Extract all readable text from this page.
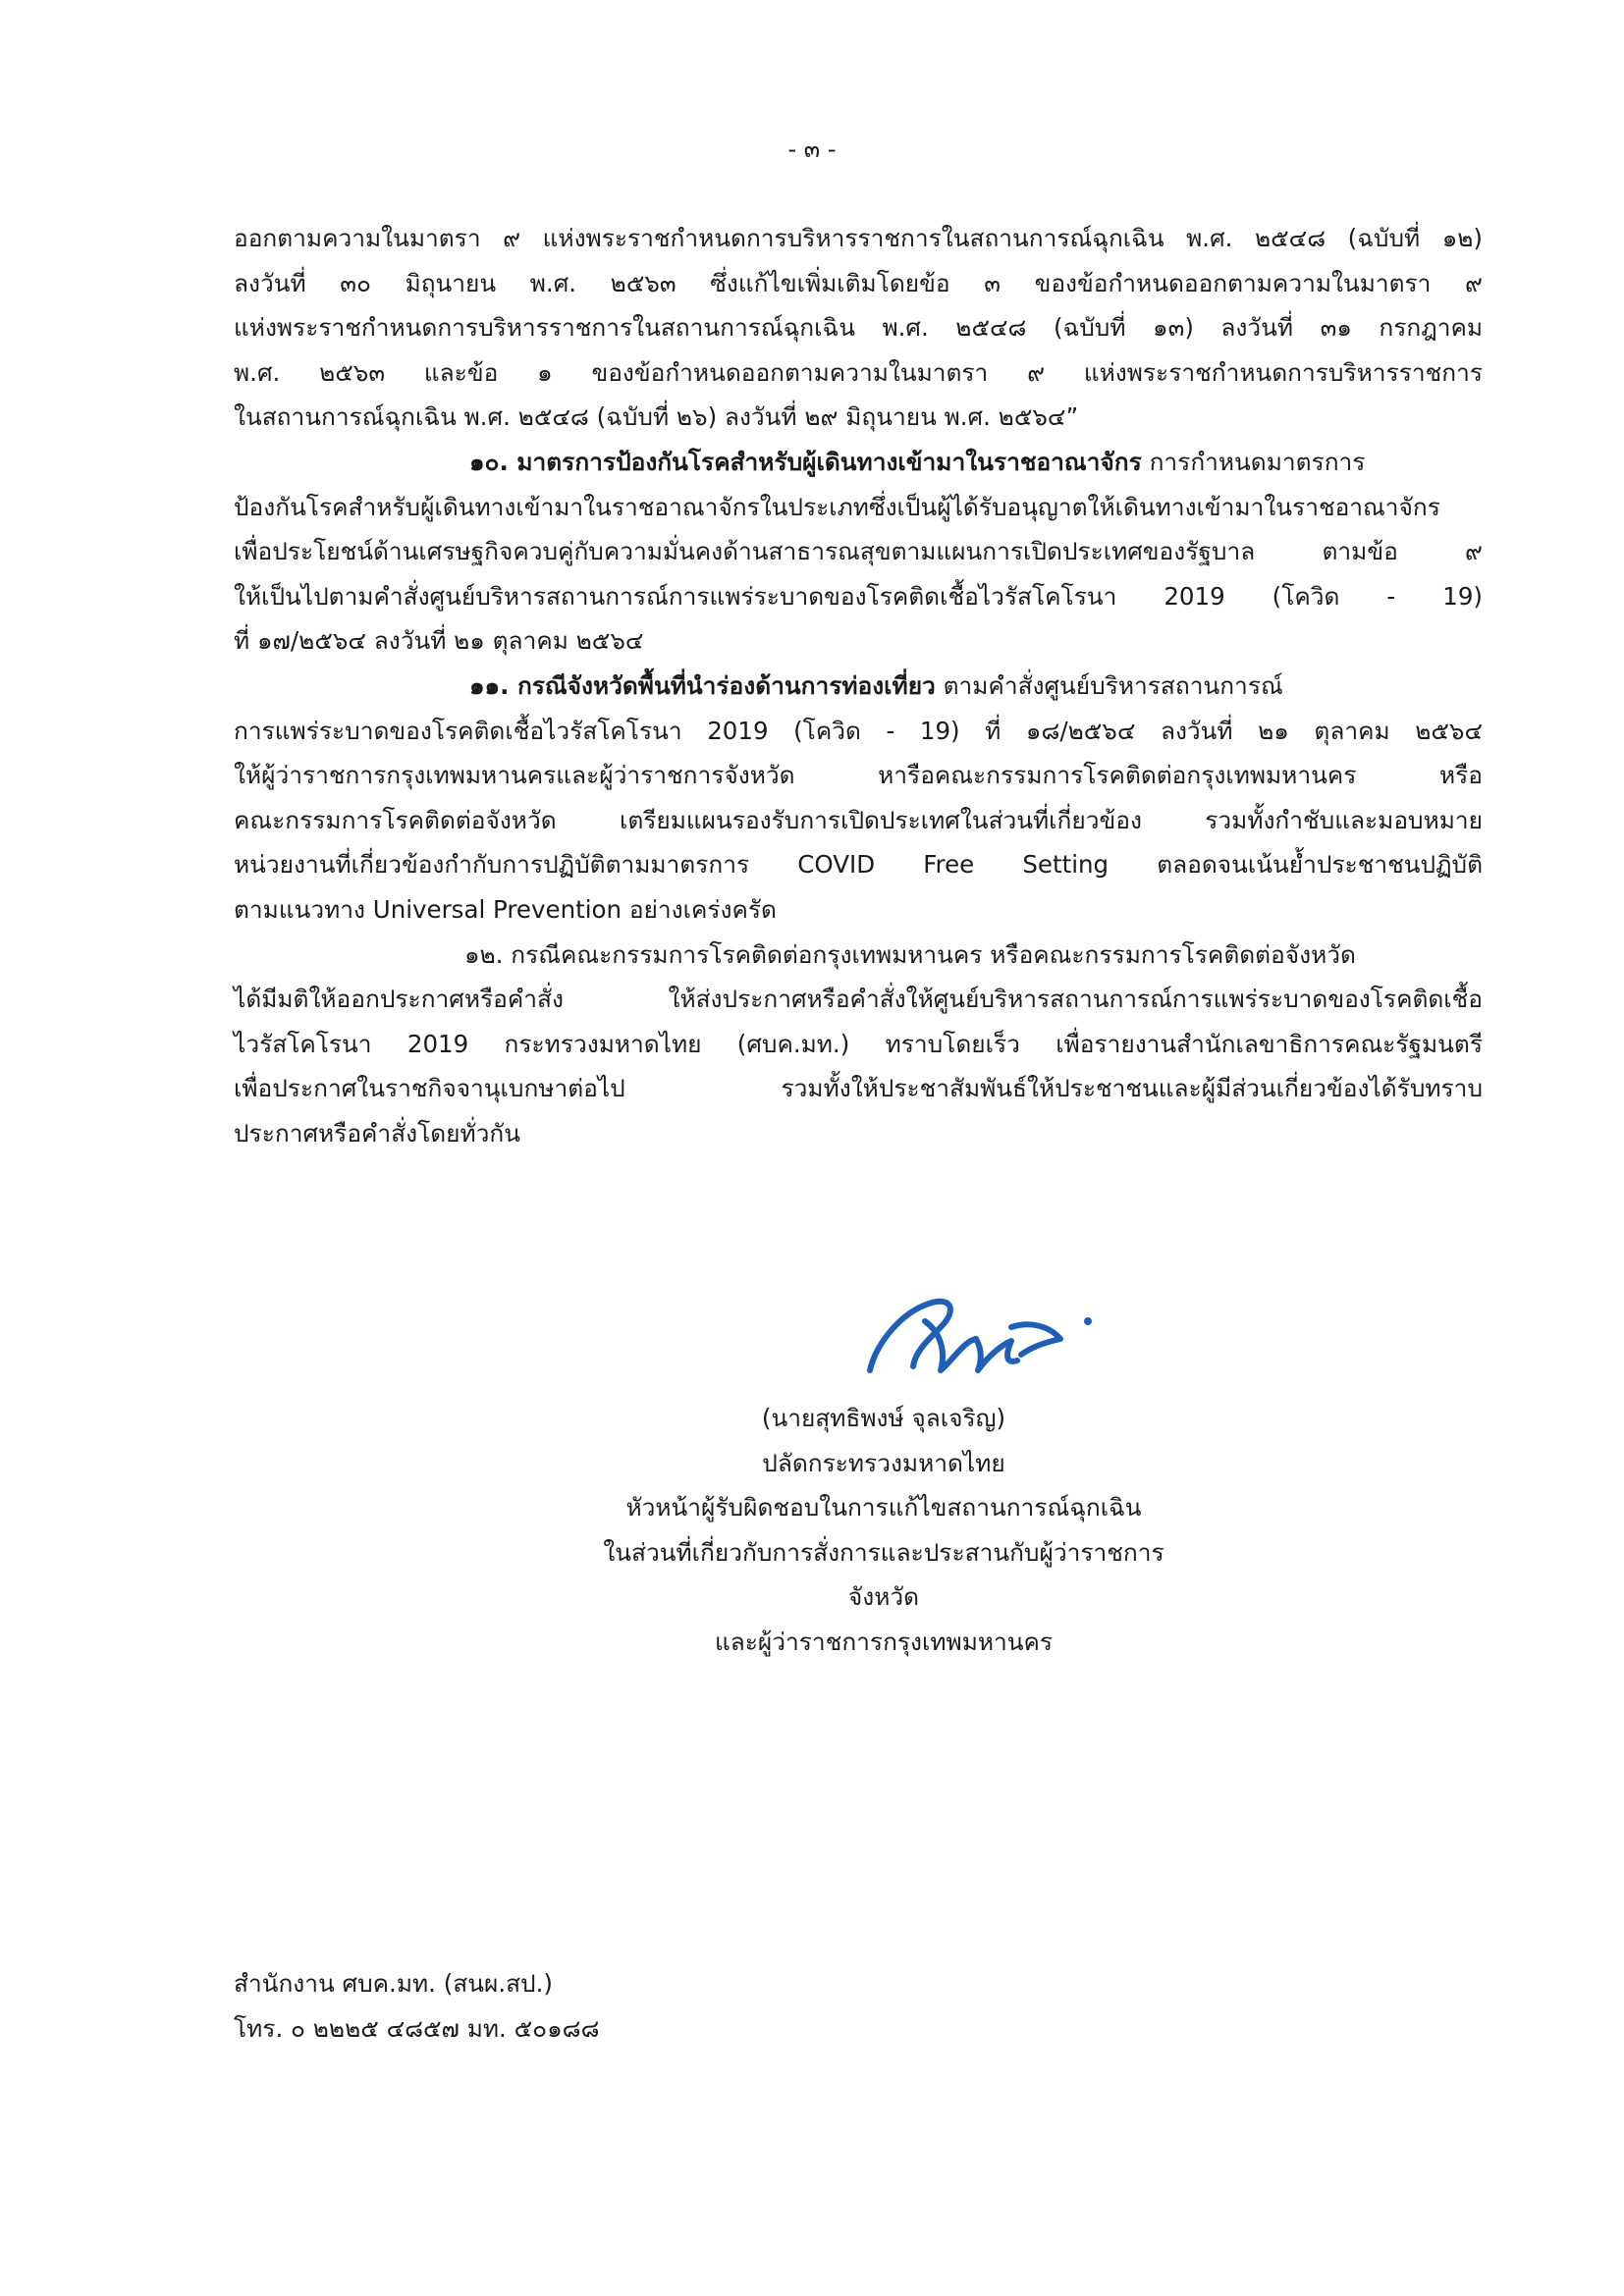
- ๓ -
ออกตามความในมาตรา ๙ แห่งพระราชกำหนดการบริหารราชการในสถานการณ์ฉุกเฉิน พ.ศ. ๒๕๔๘ (ฉบับที่ ๑๒)
ลงวันที่ ๓๐ มิถุนายน พ.ศ. ๒๕๖๓ ซึ่งแก้ไขเพิ่มเติมโดยข้อ ๓ ของข้อกำหนดออกตามความในมาตรา ๙
แห่งพระราชกำหนดการบริหารราชการในสถานการณ์ฉุกเฉิน พ.ศ. ๒๕๔๘ (ฉบับที่ ๑๓) ลงวันที่ ๓๑ กรกฎาคม
พ.ศ. ๒๕๖๓ และข้อ ๑ ของข้อกำหนดออกตามความในมาตรา ๙ แห่งพระราชกำหนดการบริหารราชการ
ในสถานการณ์ฉุกเฉิน พ.ศ. ๒๕๔๘ (ฉบับที่ ๒๖) ลงวันที่ ๒๙ มิถุนายน พ.ศ. ๒๕๖๔”
๑๐. มาตรการป้องกันโรคสำหรับผู้เดินทางเข้ามาในราชอาณาจักร การกำหนดมาตรการ
ป้องกันโรคสำหรับผู้เดินทางเข้ามาในราชอาณาจักรในประเภทซึ่งเป็นผู้ได้รับอนุญาตให้เดินทางเข้ามาในราชอาณาจักร
เพื่อประโยชน์ด้านเศรษฐกิจควบคู่กับความมั่นคงด้านสาธารณสุขตามแผนการเปิดประเทศของรัฐบาล ตามข้อ ๙
ให้เป็นไปตามคำสั่งศูนย์บริหารสถานการณ์การแพร่ระบาดของโรคติดเชื้อไวรัสโคโรนา 2019 (โควิด - 19)
ที่ ๑๗/๒๕๖๔ ลงวันที่ ๒๑ ตุลาคม ๒๕๖๔
๑๑. กรณีจังหวัดพื้นที่นำร่องด้านการท่องเที่ยว ตามคำสั่งศูนย์บริหารสถานการณ์
การแพร่ระบาดของโรคติดเชื้อไวรัสโคโรนา 2019 (โควิด - 19) ที่ ๑๘/๒๕๖๔ ลงวันที่ ๒๑ ตุลาคม ๒๕๖๔
ให้ผู้ว่าราชการกรุงเทพมหานครและผู้ว่าราชการจังหวัด หารือคณะกรรมการโรคติดต่อกรุงเทพมหานคร หรือ
คณะกรรมการโรคติดต่อจังหวัด เตรียมแผนรองรับการเปิดประเทศในส่วนที่เกี่ยวข้อง รวมทั้งกำชับและมอบหมาย
หน่วยงานที่เกี่ยวข้องกำกับการปฏิบัติตามมาตรการ COVID Free Setting ตลอดจนเน้นย้ำประชาชนปฏิบัติ
ตามแนวทาง Universal Prevention อย่างเคร่งครัด
๑๒. กรณีคณะกรรมการโรคติดต่อกรุงเทพมหานคร หรือคณะกรรมการโรคติดต่อจังหวัด
ได้มีมติให้ออกประกาศหรือคำสั่ง ให้ส่งประกาศหรือคำสั่งให้ศูนย์บริหารสถานการณ์การแพร่ระบาดของโรคติดเชื้อ
ไวรัสโคโรนา 2019 กระทรวงมหาดไทย (ศบค.มท.) ทราบโดยเร็ว เพื่อรายงานสำนักเลขาธิการคณะรัฐมนตรี
เพื่อประกาศในราชกิจจานุเบกษาต่อไป รวมทั้งให้ประชาสัมพันธ์ให้ประชาชนและผู้มีส่วนเกี่ยวข้องได้รับทราบ
ประกาศหรือคำสั่งโดยทั่วกัน
(นายสุทธิพงษ์ จุลเจริญ)
ปลัดกระทรวงมหาดไทย
หัวหน้าผู้รับผิดชอบในการแก้ไขสถานการณ์ฉุกเฉิน
ในส่วนที่เกี่ยวกับการสั่งการและประสานกับผู้ว่าราชการจังหวัด
และผู้ว่าราชการกรุงเทพมหานคร
สำนักงาน ศบค.มท. (สนผ.สป.)
โทร. ๐ ๒๒๒๕ ๔๘๕๗ มท. ๕๐๑๘๘
